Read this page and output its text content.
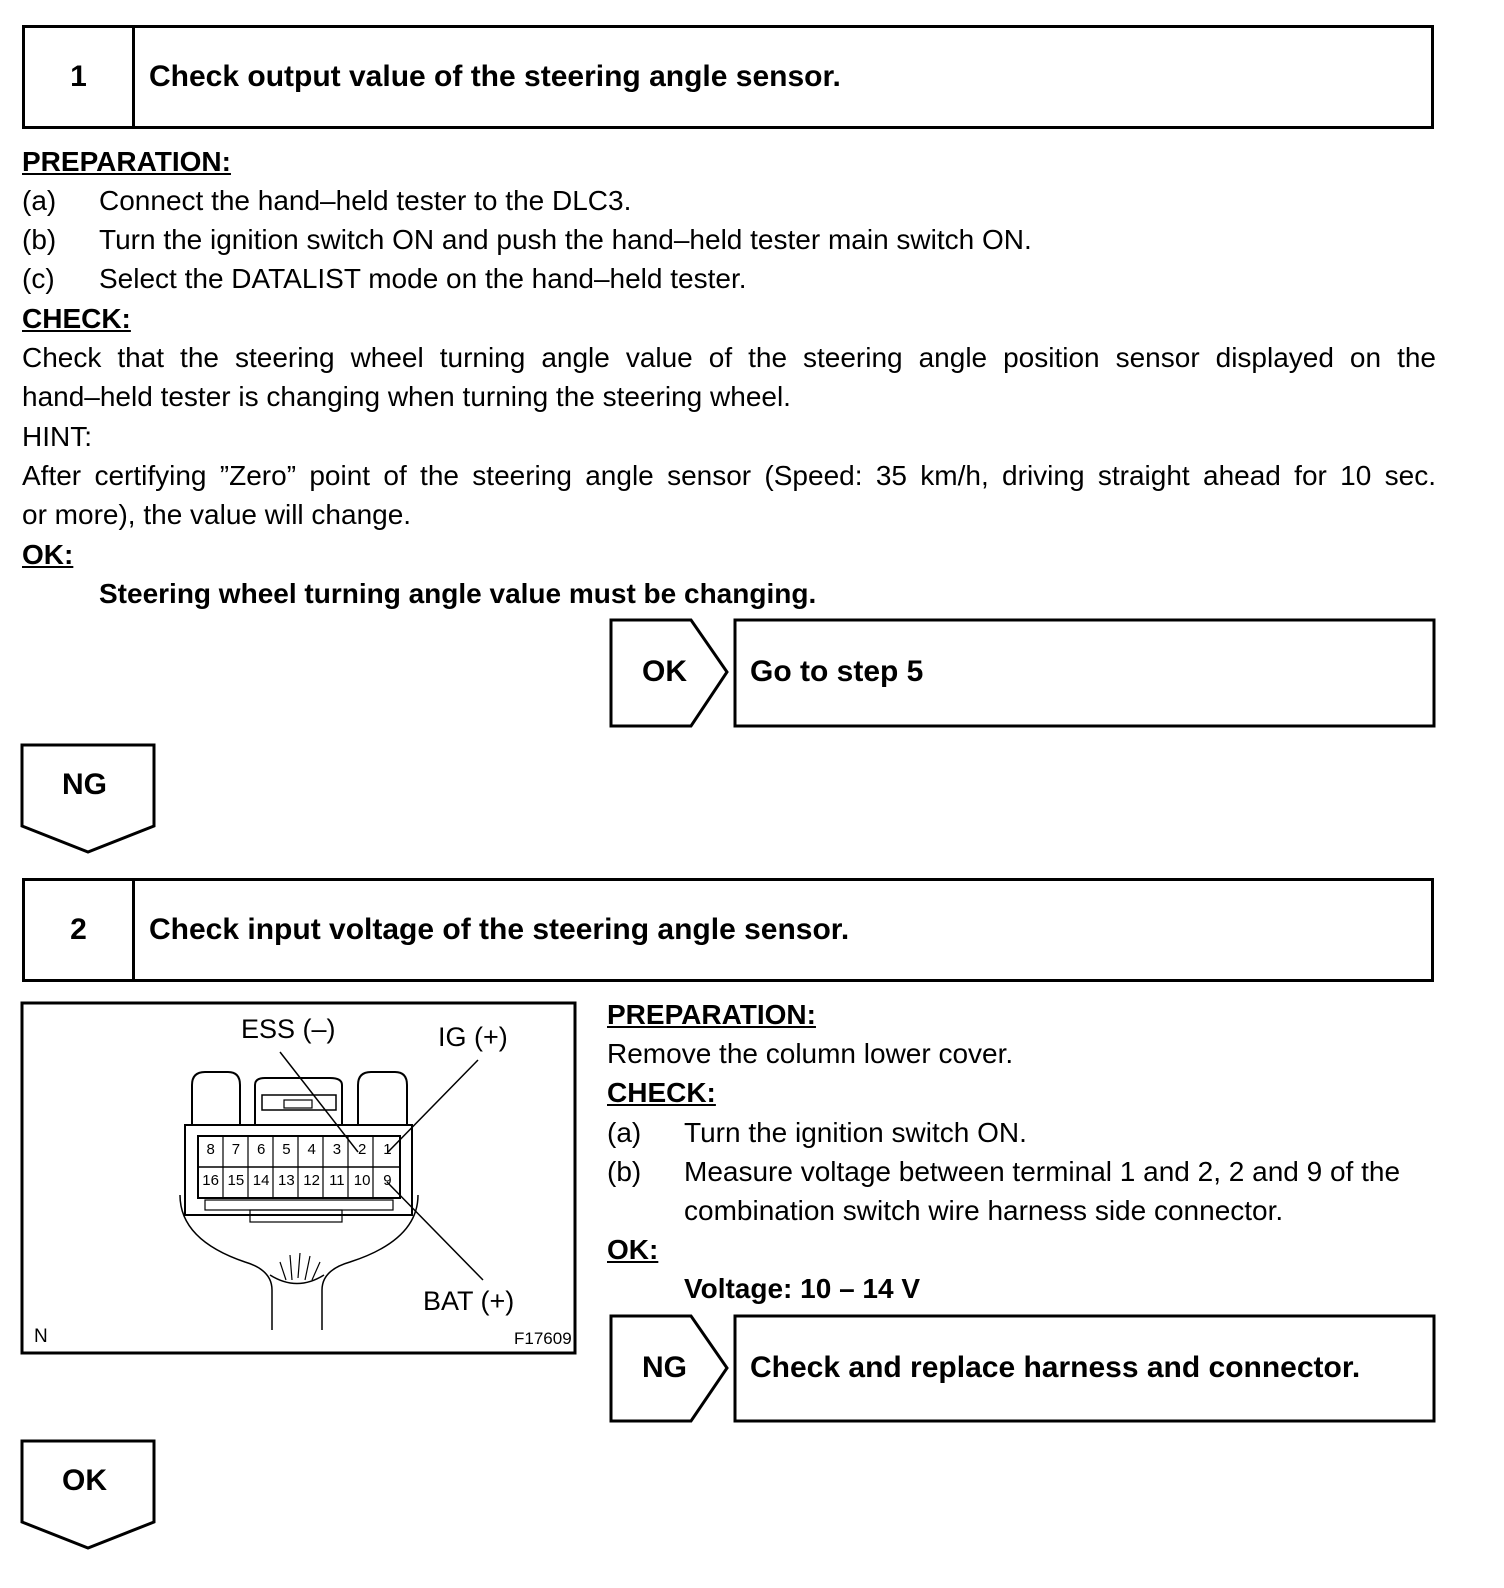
1	Check output value of the steering angle sensor.
PREPARATION:
(a) Connect the hand–held tester to the DLC3.
(b) Turn the ignition switch ON and push the hand–held tester main switch ON.
(c) Select the DATALIST mode on the hand–held tester.
CHECK:
Check that the steering wheel turning angle value of the steering angle position sensor displayed on the
hand–held tester is changing when turning the steering wheel.
HINT:
After certifying ”Zero” point of the steering angle sensor (Speed: 35 km/h, driving straight ahead for 10 sec.
or more), the value will change.
OK:
Steering wheel turning angle value must be changing.
OK Go to step 5
NG
2	Check input voltage of the steering angle sensor.
ESS (–)	IG (+)
BAT (+)
N	F17609
8	7	6	5	4	3	2	1
16 15 14 13 12 11 10 9
PREPARATION:
Remove the column lower cover.
CHECK:
(a) Turn the ignition switch ON.
(b) Measure voltage between terminal 1 and 2, 2 and 9 of the
combination switch wire harness side connector.
OK:
Voltage: 10 – 14 V
NG Check and replace harness and connector.
OK
